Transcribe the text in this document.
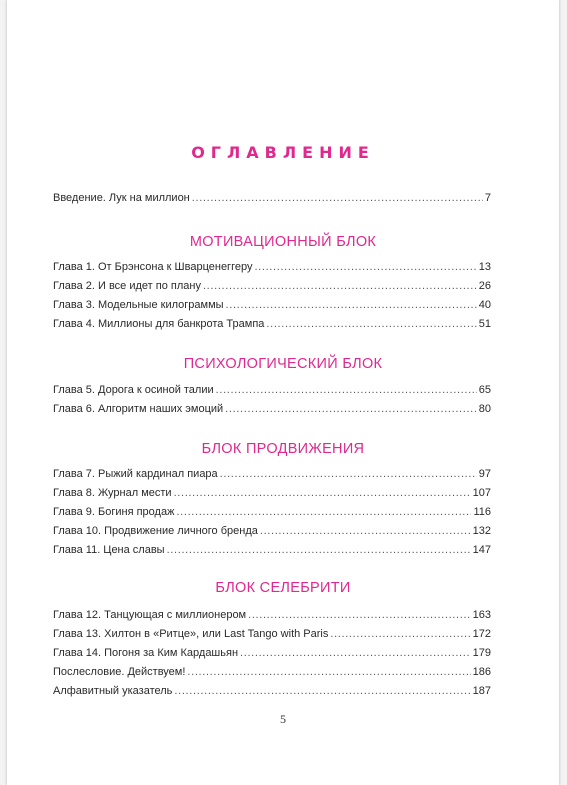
ОГЛАВЛЕНИЕ
Введение. Лук на миллион . . .	7
МОТИВАЦИОННЫЙ БЛОК
Глава 1. От Брэнсона к Шварценеггеру . . .	13
Глава 2. И все идет по плану . . .	26
Глава 3. Модельные килограммы . . .	40
Глава 4. Миллионы для банкрота Трампа . . .	51
ПСИХОЛОГИЧЕСКИЙ БЛОК
Глава 5. Дорога к осиной талии . . .	65
Глава 6. Алгоритм наших эмоций . . .	80
БЛОК ПРОДВИЖЕНИЯ
Глава 7. Рыжий кардинал пиара . . .	97
Глава 8. Журнал мести . . .	107
Глава 9. Богиня продаж . . .	116
Глава 10. Продвижение личного бренда . . .	132
Глава 11. Цена славы . . .	147
БЛОК СЕЛЕБРИТИ
Глава 12. Танцующая с миллионером . . .	163
Глава 13. Хилтон в «Ритце», или Last Tango with Paris . . .	172
Глава 14. Погоня за Ким Кардашьян . . .	179
Послесловие. Действуем! . . .	186
Алфавитный указатель . . .	187
5
